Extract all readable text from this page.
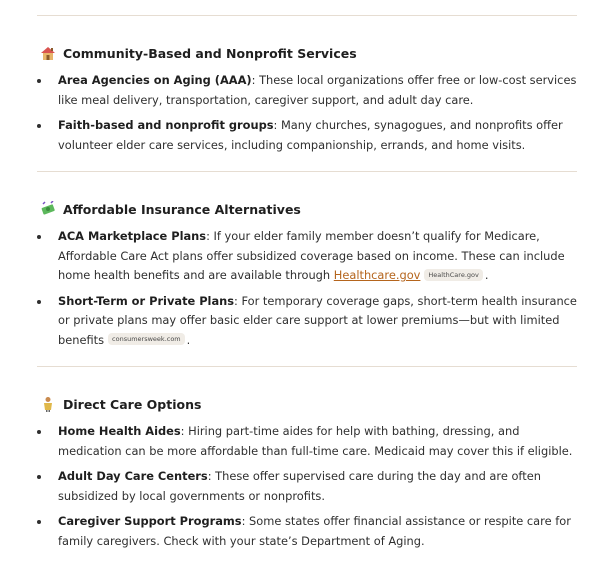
Community-Based and Nonprofit Services
Area Agencies on Aging (AAA): These local organizations offer free or low-cost services like meal delivery, transportation, caregiver support, and adult day care.
Faith-based and nonprofit groups: Many churches, synagogues, and nonprofits offer volunteer elder care services, including companionship, errands, and home visits.
Affordable Insurance Alternatives
ACA Marketplace Plans: If your elder family member doesn’t qualify for Medicare, Affordable Care Act plans offer subsidized coverage based on income. These can include home health benefits and are available through Healthcare.gov HealthCare.gov .
Short-Term or Private Plans: For temporary coverage gaps, short-term health insurance or private plans may offer basic elder care support at lower premiums—but with limited benefits consumersweek.com .
Direct Care Options
Home Health Aides: Hiring part-time aides for help with bathing, dressing, and medication can be more affordable than full-time care. Medicaid may cover this if eligible.
Adult Day Care Centers: These offer supervised care during the day and are often subsidized by local governments or nonprofits.
Caregiver Support Programs: Some states offer financial assistance or respite care for family caregivers. Check with your state’s Department of Aging.
